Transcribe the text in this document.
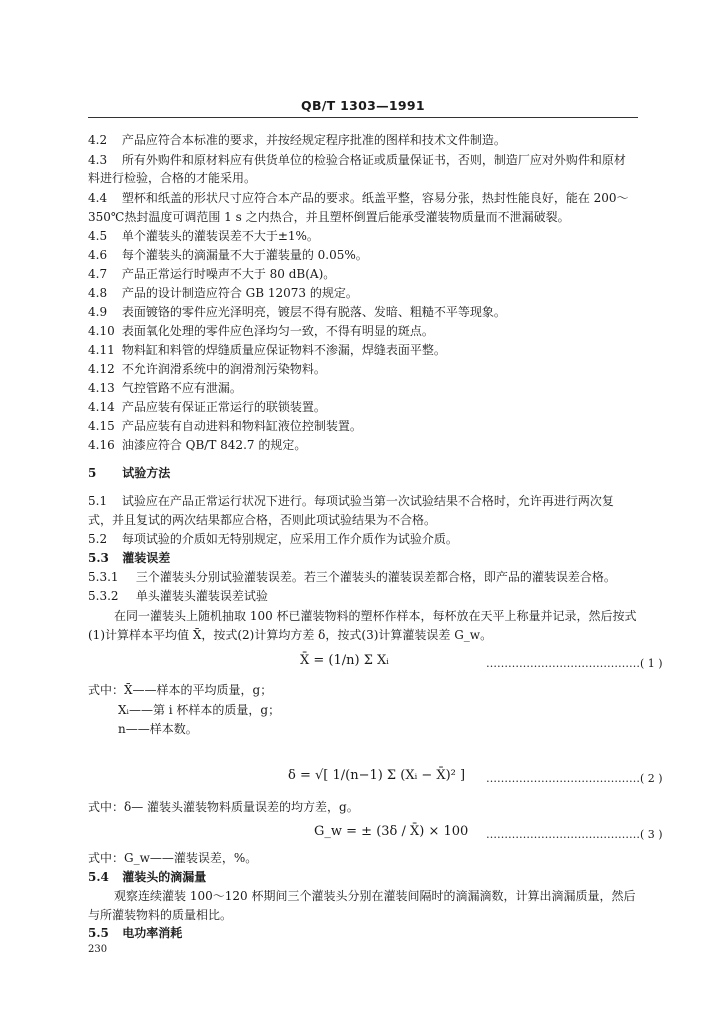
QB/T 1303—1991
4.2 产品应符合本标准的要求，并按经规定程序批准的图样和技术文件制造。
4.3 所有外购件和原材料应有供货单位的检验合格证或质量保证书，否则，制造厂应对外购件和原材
料进行检验，合格的才能采用。
4.4 塑杯和纸盖的形状尺寸应符合本产品的要求。纸盖平整，容易分张，热封性能良好，能在 200～
350℃热封温度可调范围 1 s 之内热合，并且塑杯倒置后能承受灌装物质量而不泄漏破裂。
4.5 单个灌装头的灌装误差不大于±1%。
4.6 每个灌装头的滴漏量不大于灌装量的 0.05%。
4.7 产品正常运行时噪声不大于 80 dB(A)。
4.8 产品的设计制造应符合 GB 12073 的规定。
4.9 表面镀铬的零件应光泽明亮，镀层不得有脱落、发暗、粗糙不平等现象。
4.10 表面氧化处理的零件应色泽均匀一致，不得有明显的斑点。
4.11 物料缸和料管的焊缝质量应保证物料不渗漏，焊缝表面平整。
4.12 不允许润滑系统中的润滑剂污染物料。
4.13 气控管路不应有泄漏。
4.14 产品应装有保证正常运行的联锁装置。
4.15 产品应装有自动进料和物料缸液位控制装置。
4.16 油漆应符合 QB/T 842.7 的规定。
5 试验方法
5.1 试验应在产品正常运行状况下进行。每项试验当第一次试验结果不合格时，允许再进行两次复
式，并且复试的两次结果都应合格，否则此项试验结果为不合格。
5.2 每项试验的介质如无特别规定，应采用工作介质作为试验介质。
5.3 灌装误差
5.3.1 三个灌装头分别试验灌装误差。若三个灌装头的灌装误差都合格，即产品的灌装误差合格。
5.3.2 单头灌装头灌装误差试验
在同一灌装头上随机抽取 100 杯已灌装物料的塑杯作样本，每杯放在天平上称量并记录，然后按式
(1)计算样本平均值 X̄，按式(2)计算均方差 δ，按式(3)计算灌装误差 G_w。
X̄ = (1/n) Σ Xᵢ	……………………………………( 1 )
式中：X̄——样本的平均质量，g；
Xᵢ——第 i 杯样本的质量，g；
n——样本数。
δ = √[ 1/(n−1) Σ (Xᵢ − X̄)² ] ……………………………………( 2 )
式中：δ— 灌装头灌装物料质量误差的均方差，g。
G_w = ± (3δ / X̄) × 100 ……………………………………( 3 )
式中：G_w——灌装误差，%。
5.4 灌装头的滴漏量
观察连续灌装 100～120 杯期间三个灌装头分别在灌装间隔时的滴漏滴数，计算出滴漏质量，然后
与所灌装物料的质量相比。
5.5 电功率消耗
230
